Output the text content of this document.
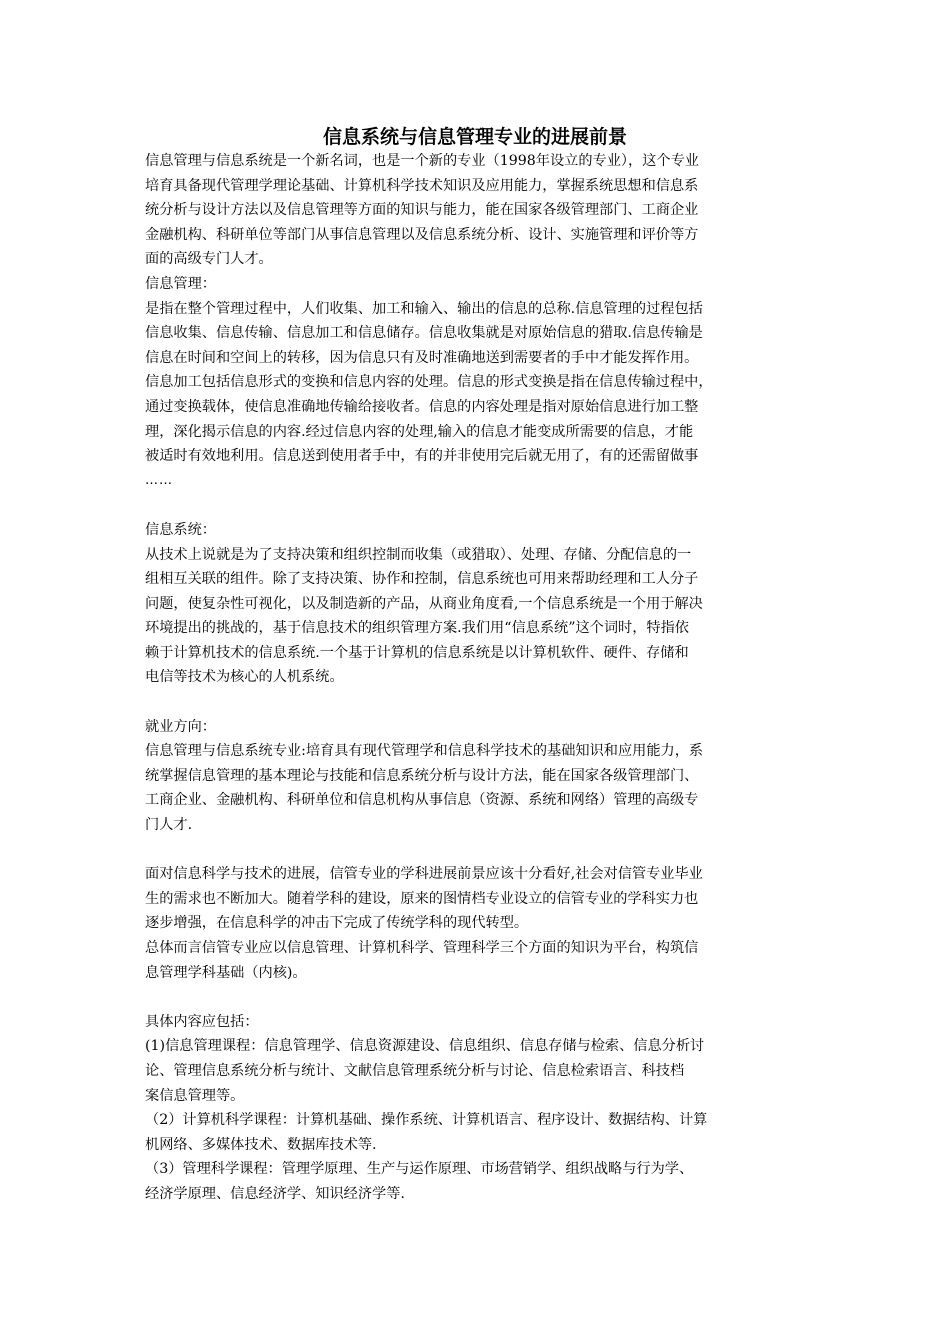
信息系统与信息管理专业的进展前景
信息管理与信息系统是一个新名词，也是一个新的专业（1998年设立的专业），这个专业
培育具备现代管理学理论基础、计算机科学技术知识及应用能力，掌握系统思想和信息系
统分析与设计方法以及信息管理等方面的知识与能力，能在国家各级管理部门、工商企业
金融机构、科研单位等部门从事信息管理以及信息系统分析、设计、实施管理和评价等方
面的高级专门人才。
信息管理：
是指在整个管理过程中，人们收集、加工和输入、输出的信息的总称.信息管理的过程包括
信息收集、信息传输、信息加工和信息储存。信息收集就是对原始信息的猎取.信息传输是
信息在时间和空间上的转移，因为信息只有及时准确地送到需要者的手中才能发挥作用。
信息加工包括信息形式的变换和信息内容的处理。信息的形式变换是指在信息传输过程中，
通过变换载体，使信息准确地传输给接收者。信息的内容处理是指对原始信息进行加工整
理，深化揭示信息的内容.经过信息内容的处理,输入的信息才能变成所需要的信息，才能
被适时有效地利用。信息送到使用者手中，有的并非使用完后就无用了，有的还需留做事
……
信息系统：
从技术上说就是为了支持决策和组织控制而收集（或猎取）、处理、存储、分配信息的一
组相互关联的组件。除了支持决策、协作和控制，信息系统也可用来帮助经理和工人分子
问题，使复杂性可视化，以及制造新的产品，从商业角度看,一个信息系统是一个用于解决
环境提出的挑战的，基于信息技术的组织管理方案.我们用“信息系统”这个词时，特指依
赖于计算机技术的信息系统.一个基于计算机的信息系统是以计算机软件、硬件、存储和
电信等技术为核心的人机系统。
就业方向：
信息管理与信息系统专业:培育具有现代管理学和信息科学技术的基础知识和应用能力，系
统掌握信息管理的基本理论与技能和信息系统分析与设计方法，能在国家各级管理部门、
工商企业、金融机构、科研单位和信息机构从事信息（资源、系统和网络）管理的高级专
门人才.
面对信息科学与技术的进展，信管专业的学科进展前景应该十分看好,社会对信管专业毕业
生的需求也不断加大。随着学科的建设，原来的图情档专业设立的信管专业的学科实力也
逐步增强，在信息科学的冲击下完成了传统学科的现代转型。
总体而言信管专业应以信息管理、计算机科学、管理科学三个方面的知识为平台，构筑信
息管理学科基础（内核)。
具体内容应包括：
(1)信息管理课程：信息管理学、信息资源建设、信息组织、信息存储与检索、信息分析讨
论、管理信息系统分析与统计、文献信息管理系统分析与讨论、信息检索语言、科技档
案信息管理等。
（2）计算机科学课程：计算机基础、操作系统、计算机语言、程序设计、数据结构、计算
机网络、多媒体技术、数据库技术等.
（3）管理科学课程：管理学原理、生产与运作原理、市场营销学、组织战略与行为学、
经济学原理、信息经济学、知识经济学等.
